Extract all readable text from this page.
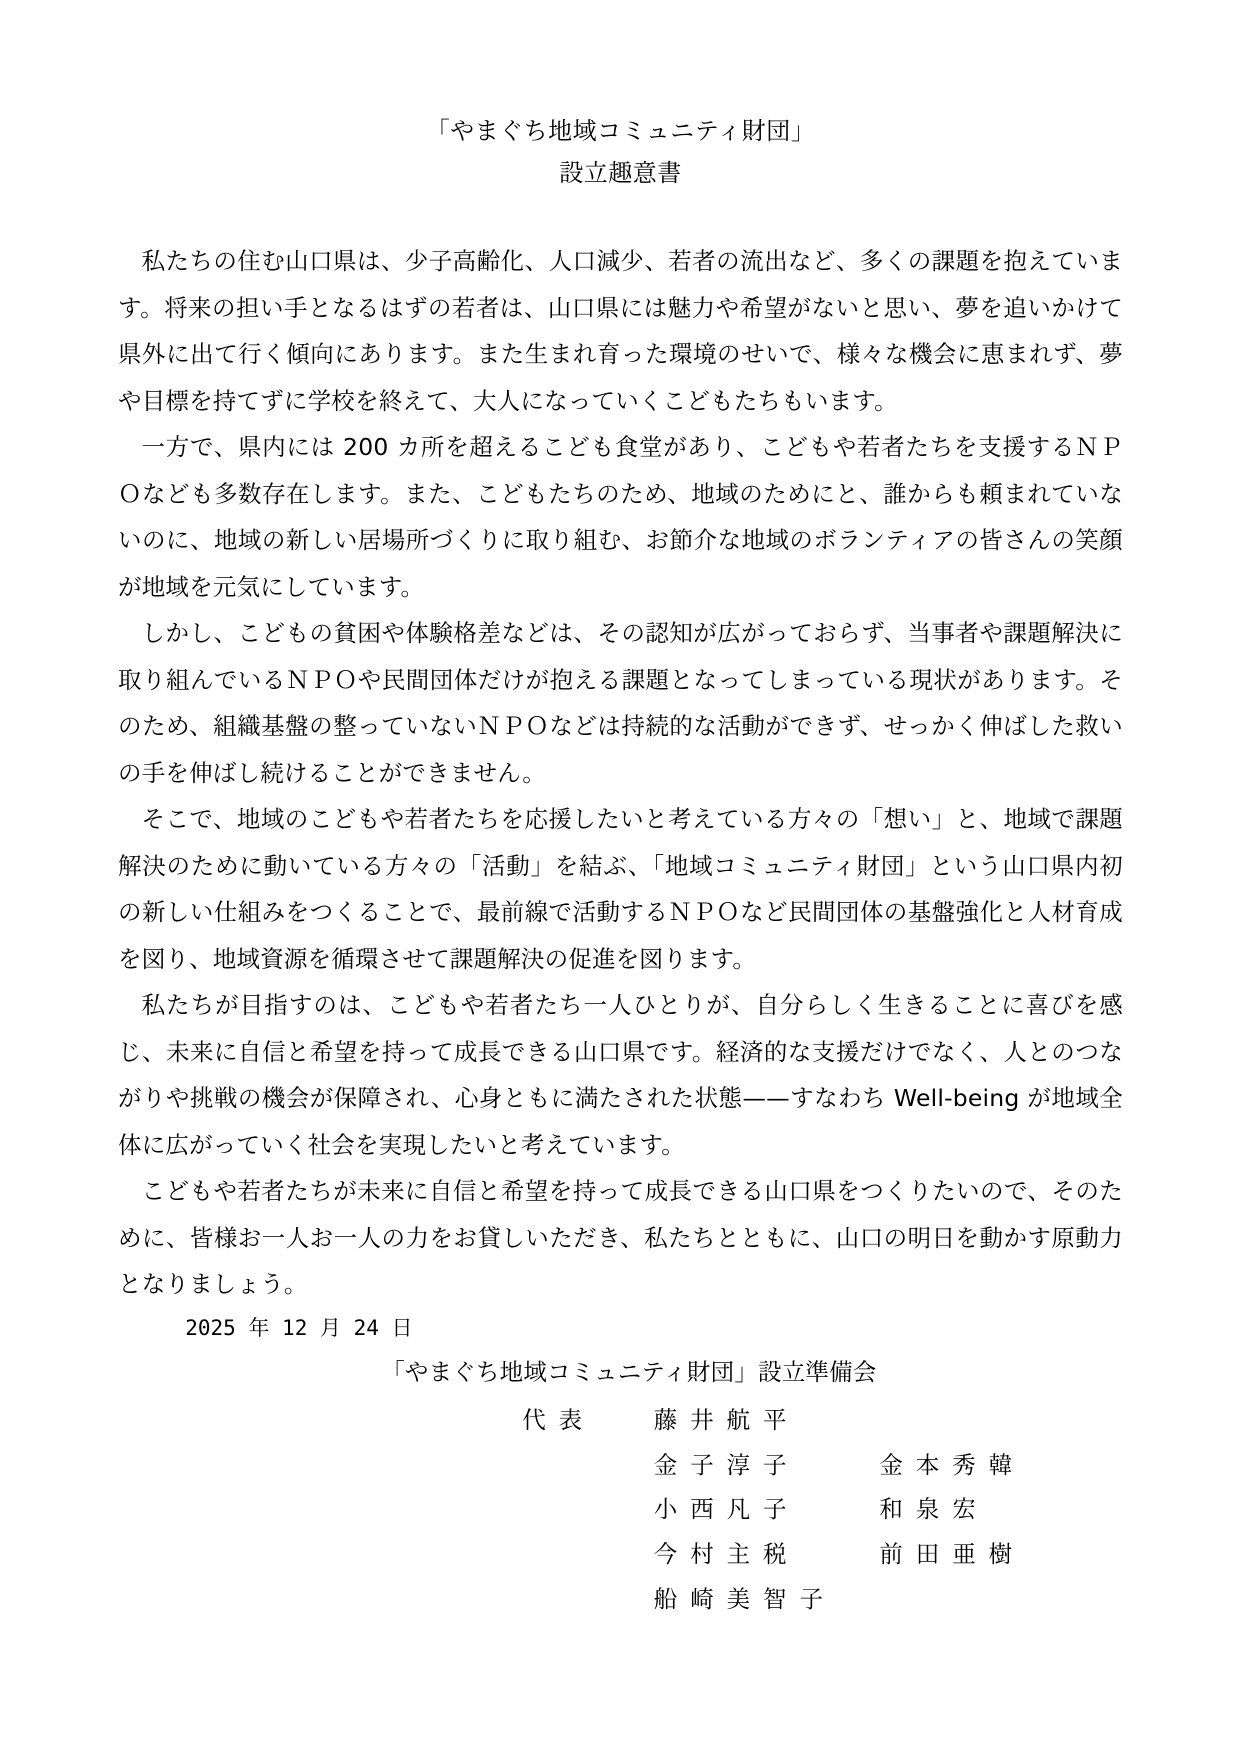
「やまぐち地域コミュニティ財団」
設立趣意書

私たちの住む山口県は、少子高齢化、人口減少、若者の流出など、多くの課題を抱えています。将来の担い手となるはずの若者は、山口県には魅力や希望がないと思い、夢を追いかけて県外に出て行く傾向にあります。また生まれ育った環境のせいで、様々な機会に恵まれず、夢や目標を持てずに学校を終えて、大人になっていくこどもたちもいます。

一方で、県内には 200 カ所を超えるこども食堂があり、こどもや若者たちを支援するＮＰＯなども多数存在します。また、こどもたちのため、地域のためにと、誰からも頼まれていないのに、地域の新しい居場所づくりに取り組む、お節介な地域のボランティアの皆さんの笑顔が地域を元気にしています。

しかし、こどもの貧困や体験格差などは、その認知が広がっておらず、当事者や課題解決に取り組んでいるＮＰＯや民間団体だけが抱える課題となってしまっている現状があります。そのため、組織基盤の整っていないＮＰＯなどは持続的な活動ができず、せっかく伸ばした救いの手を伸ばし続けることができません。

そこで、地域のこどもや若者たちを応援したいと考えている方々の「想い」と、地域で課題解決のために動いている方々の「活動」を結ぶ、「地域コミュニティ財団」という山口県内初の新しい仕組みをつくることで、最前線で活動するＮＰＯなど民間団体の基盤強化と人材育成を図り、地域資源を循環させて課題解決の促進を図ります。

私たちが目指すのは、こどもや若者たち一人ひとりが、自分らしく生きることに喜びを感じ、未来に自信と希望を持って成長できる山口県です。経済的な支援だけでなく、人とのつながりや挑戦の機会が保障され、心身ともに満たされた状態——すなわち Well-being が地域全体に広がっていく社会を実現したいと考えています。

こどもや若者たちが未来に自信と希望を持って成長できる山口県をつくりたいので、そのために、皆様お一人お一人の力をお貸しいただき、私たちとともに、山口の明日を動かす原動力となりましょう。

2025 年 12 月 24 日

「やまぐち地域コミュニティ財団」設立準備会

代表	藤井航平
金子淳子	金本秀韓
小西凡子	和泉宏
今村主税	前田亜樹
船崎美智子
